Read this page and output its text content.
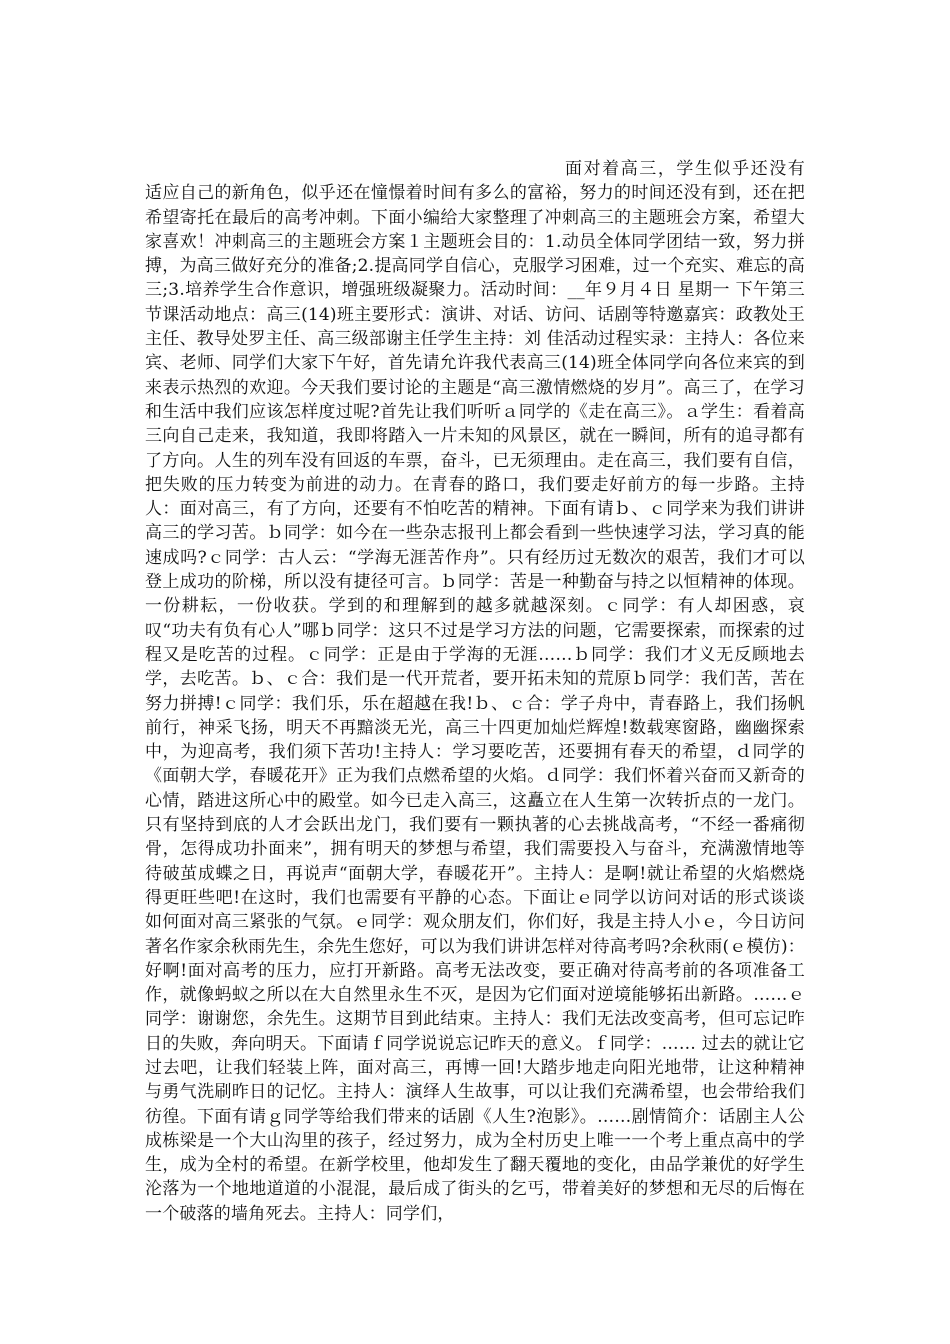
面对着高三，学生似乎还没有适应自己的新角色，似乎还在憧憬着时间有多么的富裕，努力的时间还没有到，还在把希望寄托在最后的高考冲刺。下面小编给大家整理了冲刺高三的主题班会方案，希望大家喜欢！冲刺高三的主题班会方案１主题班会目的：1.动员全体同学团结一致，努力拼搏，为高三做好充分的准备;2.提高同学自信心，克服学习困难，过一个充实、难忘的高三;3.培养学生合作意识，增强班级凝聚力。活动时间：__年９月４日 星期一 下午第三节课活动地点：高三(14)班主要形式：演讲、对话、访问、话剧等特邀嘉宾：政教处王主任、教导处罗主任、高三级部谢主任学生主持：刘 佳活动过程实录：主持人：各位来宾、老师、同学们大家下午好，首先请允许我代表高三(14)班全体同学向各位来宾的到来表示热烈的欢迎。今天我们要讨论的主题是“高三激情燃烧的岁月”。高三了，在学习和生活中我们应该怎样度过呢?首先让我们听听ａ同学的《走在高三》。ａ学生：看着高三向自己走来，我知道，我即将踏入一片未知的风景区，就在一瞬间，所有的追寻都有了方向。人生的列车没有回返的车票，奋斗，已无须理由。走在高三，我们要有自信，把失败的压力转变为前进的动力。在青春的路口，我们要走好前方的每一步路。主持人：面对高三，有了方向，还要有不怕吃苦的精神。下面有请ｂ、ｃ同学来为我们讲讲高三的学习苦。ｂ同学：如今在一些杂志报刊上都会看到一些快速学习法，学习真的能速成吗?ｃ同学：古人云：“学海无涯苦作舟”。只有经历过无数次的艰苦，我们才可以登上成功的阶梯，所以没有捷径可言。ｂ同学：苦是一种勤奋与持之以恒精神的体现。一份耕耘，一份收获。学到的和理解到的越多就越深刻。ｃ同学：有人却困惑，哀叹“功夫有负有心人”哪ｂ同学：这只不过是学习方法的问题，它需要探索，而探索的过程又是吃苦的过程。ｃ同学：正是由于学海的无涯……ｂ同学：我们才义无反顾地去学，去吃苦。ｂ、ｃ合：我们是一代开荒者，要开拓未知的荒原ｂ同学：我们苦，苦在努力拼搏!ｃ同学：我们乐，乐在超越在我!ｂ、ｃ合：学子舟中，青春路上，我们扬帆前行，神采飞扬，明天不再黯淡无光，高三十四更加灿烂辉煌!数载寒窗路，幽幽探索中，为迎高考，我们须下苦功!主持人：学习要吃苦，还要拥有春天的希望，ｄ同学的《面朝大学，春暖花开》正为我们点燃希望的火焰。ｄ同学：我们怀着兴奋而又新奇的心情，踏进这所心中的殿堂。如今已走入高三，这矗立在人生第一次转折点的一龙门。只有坚持到底的人才会跃出龙门，我们要有一颗执著的心去挑战高考，“不经一番痛彻骨，怎得成功扑面来”，拥有明天的梦想与希望，我们需要投入与奋斗，充满激情地等待破茧成蝶之日，再说声“面朝大学，春暖花开”。主持人：是啊!就让希望的火焰燃烧得更旺些吧!在这时，我们也需要有平静的心态。下面让ｅ同学以访问对话的形式谈谈如何面对高三紧张的气氛。ｅ同学：观众朋友们，你们好，我是主持人小ｅ，今日访问著名作家余秋雨先生，余先生您好，可以为我们讲讲怎样对待高考吗?余秋雨(ｅ模仿)：好啊!面对高考的压力，应打开新路。高考无法改变，要正确对待高考前的各项准备工作，就像蚂蚁之所以在大自然里永生不灭，是因为它们面对逆境能够拓出新路。……ｅ同学：谢谢您，余先生。这期节目到此结束。主持人：我们无法改变高考，但可忘记昨日的失败，奔向明天。下面请ｆ同学说说忘记昨天的意义。ｆ同学：…… 过去的就让它过去吧，让我们轻装上阵，面对高三，再博一回!大踏步地走向阳光地带，让这种精神与勇气洗刷昨日的记忆。主持人：演绎人生故事，可以让我们充满希望，也会带给我们彷徨。下面有请ｇ同学等给我们带来的话剧《人生?泡影》。……剧情简介：话剧主人公成栋梁是一个大山沟里的孩子，经过努力，成为全村历史上唯一一个考上重点高中的学生，成为全村的希望。在新学校里，他却发生了翻天覆地的变化，由品学兼优的好学生沦落为一个地地道道的小混混，最后成了街头的乞丐，带着美好的梦想和无尽的后悔在一个破落的墙角死去。主持人：同学们，
